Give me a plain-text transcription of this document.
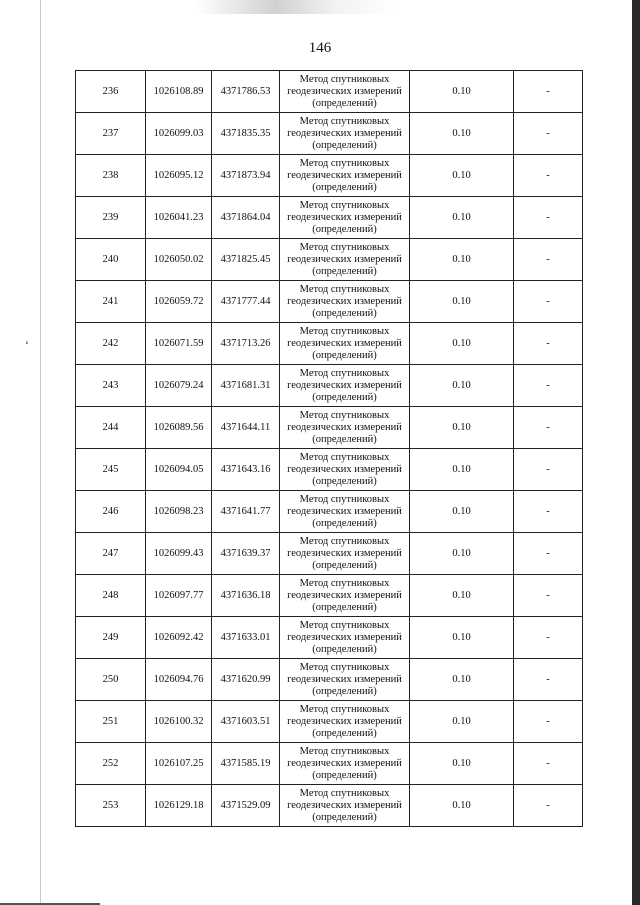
ʻ
146
236	1026108.89	4371786.53	Метод спутниковых
геодезических измерений
(определений)	0.10	-
237	1026099.03	4371835.35	Метод спутниковых
геодезических измерений
(определений)	0.10	-
238	1026095.12	4371873.94	Метод спутниковых
геодезических измерений
(определений)	0.10	-
239	1026041.23	4371864.04	Метод спутниковых
геодезических измерений
(определений)	0.10	-
240	1026050.02	4371825.45	Метод спутниковых
геодезических измерений
(определений)	0.10	-
241	1026059.72	4371777.44	Метод спутниковых
геодезических измерений
(определений)	0.10	-
242	1026071.59	4371713.26	Метод спутниковых
геодезических измерений
(определений)	0.10	-
243	1026079.24	4371681.31	Метод спутниковых
геодезических измерений
(определений)	0.10	-
244	1026089.56	4371644.11	Метод спутниковых
геодезических измерений
(определений)	0.10	-
245	1026094.05	4371643.16	Метод спутниковых
геодезических измерений
(определений)	0.10	-
246	1026098.23	4371641.77	Метод спутниковых
геодезических измерений
(определений)	0.10	-
247	1026099.43	4371639.37	Метод спутниковых
геодезических измерений
(определений)	0.10	-
248	1026097.77	4371636.18	Метод спутниковых
геодезических измерений
(определений)	0.10	-
249	1026092.42	4371633.01	Метод спутниковых
геодезических измерений
(определений)	0.10	-
250	1026094.76	4371620.99	Метод спутниковых
геодезических измерений
(определений)	0.10	-
251	1026100.32	4371603.51	Метод спутниковых
геодезических измерений
(определений)	0.10	-
252	1026107.25	4371585.19	Метод спутниковых
геодезических измерений
(определений)	0.10	-
253	1026129.18	4371529.09	Метод спутниковых
геодезических измерений
(определений)	0.10	-
